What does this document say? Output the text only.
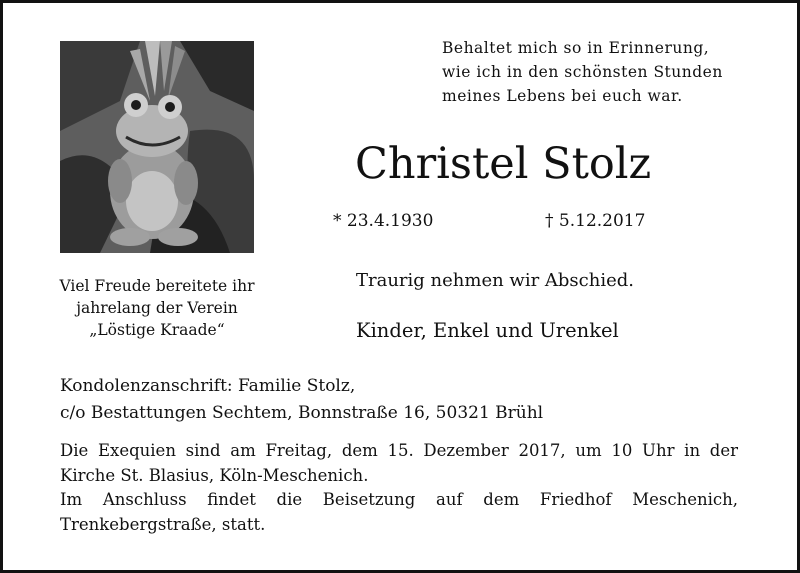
Viel Freude bereitete ihr
jahrelang der Verein
„Löstige Kraade“
Behaltet mich so in Erinnerung,
wie ich in den schönsten Stunden
meines Lebens bei euch war.
Christel Stolz
* 23.4.1930	† 5.12.2017
Traurig nehmen wir Abschied.
Kinder, Enkel und Urenkel
Kondolenzanschrift: Familie Stolz,
c/o Bestattungen Sechtem, Bonnstraße 16, 50321 Brühl
Die Exequien sind am Freitag, dem 15. Dezember 2017, um 10 Uhr in der
Kirche St. Blasius, Köln-Meschenich.
Im Anschluss findet die Beisetzung auf dem Friedhof Meschenich,
Trenkebergstraße, statt.
